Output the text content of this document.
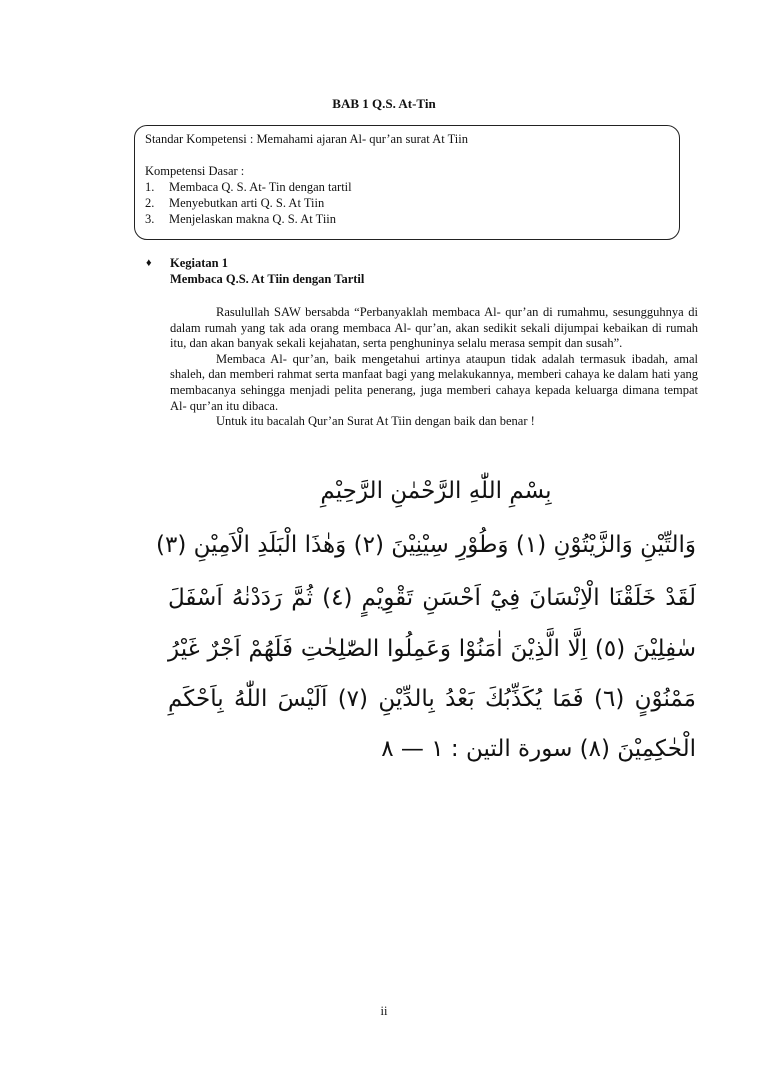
BAB 1 Q.S. At-Tin
Standar Kompetensi : Memahami ajaran Al- qur’an surat At Tiin
Kompetensi Dasar :
1.	Membaca Q. S. At- Tin dengan tartil
2.	Menyebutkan arti Q. S. At Tiin
3.	Menjelaskan makna Q. S. At Tiin
♦	Kegiatan 1
Membaca Q.S. At Tiin dengan Tartil

Rasulullah SAW bersabda “Perbanyaklah membaca Al- qur’an di rumahmu, sesungguhnya di dalam rumah yang tak ada orang membaca Al- qur’an, akan sedikit sekali dijumpai kebaikan di rumah itu, dan akan banyak sekali kejahatan, serta penghuninya selalu merasa sempit dan susah”.

Membaca Al- qur’an, baik mengetahui artinya ataupun tidak adalah termasuk ibadah, amal shaleh, dan memberi rahmat serta manfaat bagi yang melakukannya, memberi cahaya ke dalam hati yang membacanya sehingga menjadi pelita penerang, juga memberi cahaya kepada keluarga dimana tempat Al- qur’an itu dibaca.

Untuk itu bacalah Qur’an Surat At Tiin dengan baik dan benar !

بِسْمِ اللّٰهِ الرَّحْمٰنِ الرَّحِيْمِ
وَالتِّيْنِ وَالزَّيْتُوْنِ (١) وَطُوْرِ سِيْنِيْنَ (٢) وَهٰذَا الْبَلَدِ الْاَمِيْنِ (٣)
لَقَدْ خَلَقْنَا الْاِنْسَانَ فِيْٓ اَحْسَنِ تَقْوِيْمٍ (٤) ثُمَّ رَدَدْنٰهُ اَسْفَلَ
سٰفِلِيْنَ (٥) اِلَّا الَّذِيْنَ اٰمَنُوْا وَعَمِلُوا الصّٰلِحٰتِ فَلَهُمْ اَجْرٌ غَيْرُ
مَمْنُوْنٍ (٦) فَمَا يُكَذِّبُكَ بَعْدُ بِالدِّيْنِ (٧) اَلَيْسَ اللّٰهُ بِاَحْكَمِ
الْحٰكِمِيْنَ (٨) سورة التين : ١ — ٨
ii
